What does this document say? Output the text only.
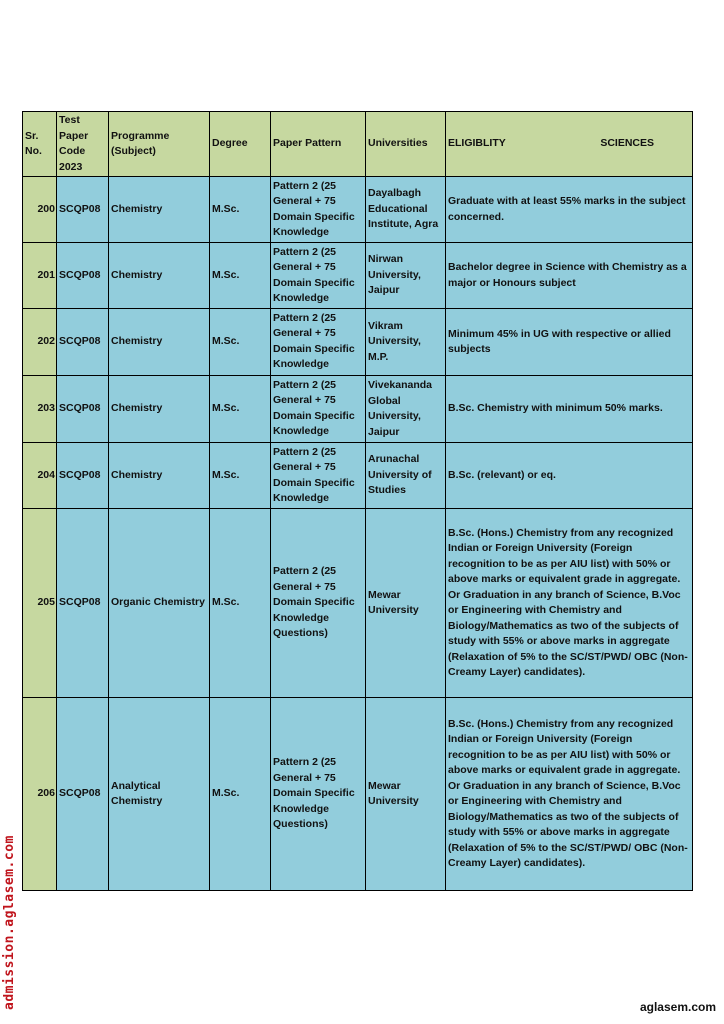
Sr. No.	Test Paper Code 2023	Programme (Subject)	Degree	Paper Pattern	Universities	ELIGIBLITY SCIENCES

200	SCQP08	Chemistry	M.Sc.	Pattern 2 (25 General + 75 Domain Specific Knowledge	Dayalbagh Educational Institute, Agra	Graduate with at least 55% marks in the subject concerned.
201	SCQP08	Chemistry	M.Sc.	Pattern 2 (25 General + 75 Domain Specific Knowledge	Nirwan University, Jaipur	Bachelor degree in Science with Chemistry as a major or Honours subject
202	SCQP08	Chemistry	M.Sc.	Pattern 2 (25 General + 75 Domain Specific Knowledge	Vikram University, M.P.	Minimum 45% in UG with respective or allied subjects
203	SCQP08	Chemistry	M.Sc.	Pattern 2 (25 General + 75 Domain Specific Knowledge	Vivekananda Global University, Jaipur	B.Sc. Chemistry with minimum 50% marks.
204	SCQP08	Chemistry	M.Sc.	Pattern 2 (25 General + 75 Domain Specific Knowledge	Arunachal University of Studies	B.Sc. (relevant) or eq.
205	SCQP08	Organic Chemistry	M.Sc.	Pattern 2 (25 General + 75 Domain Specific Knowledge Questions)	Mewar University	B.Sc. (Hons.) Chemistry from any recognized Indian or Foreign University (Foreign recognition to be as per AIU list) with 50% or above marks or equivalent grade in aggregate. Or Graduation in any branch of Science, B.Voc or Engineering with Chemistry and Biology/Mathematics as two of the subjects of study with 55% or above marks in aggregate (Relaxation of 5% to the SC/ST/PWD/ OBC (Non-Creamy Layer) candidates).
206	SCQP08	Analytical Chemistry	M.Sc.	Pattern 2 (25 General + 75 Domain Specific Knowledge Questions)	Mewar University	B.Sc. (Hons.) Chemistry from any recognized Indian or Foreign University (Foreign recognition to be as per AIU list) with 50% or above marks or equivalent grade in aggregate. Or Graduation in any branch of Science, B.Voc or Engineering with Chemistry and Biology/Mathematics as two of the subjects of study with 55% or above marks in aggregate (Relaxation of 5% to the SC/ST/PWD/ OBC (Non-Creamy Layer) candidates).
admission.aglasem.com	aglasem.com
